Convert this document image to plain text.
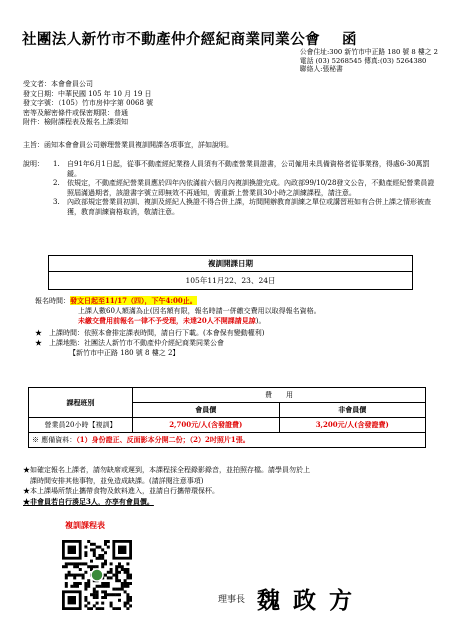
社團法人新竹市不動產仲介經紀商業同業公會 函
公會住址:300 新竹市中正路 180 號 8 樓之 2
電話 (03) 5268545 傳真:(03) 5264380
聯絡人:張秘書
受文者：本會會員公司
發文日期：中華民國 105 年 10 月 19 日
發文字號：（105）竹市房仲字第 0068 號
密等及解密條件或保密期限：普通
附件：檢附課程表及報名上課須知
主旨：函知本會會員公司辦理營業員複訓開課各項事宜，詳如說明。
說明：	1.	自91年6月1日起，從事不動產經紀業務人員須有不動產營業員證書，公司僱用未具備資格者從事業務，得處6-30萬罰鍰。
2.	依規定，不動產經紀營業員應於四年內依滿前六個月內複訓換證完成。內政部99/10/28發文公告，不動產經紀營業員證照屆滿過期者，該證書字號立即無效不再通知，需重新上營業員30小時之訓練課程，請注意。
3.	內政部規定營業員初訓、複訓及經紀人換證不得合併上課，坊間開辦教育訓練之單位或講習班如有合併上課之情形被查獲，教育訓練資格取消，敬請注意。
複訓開課日期
105年11月22、23、24日
報名時間：發文日起至11/17（四），下午4:00止。
上課人數60人額滿為止(因名額有限，報名時請一併繳交費用以取得報名資格。
未繳交費用前報名一律不予受理，未達20人不開課請見諒)。
★　上課時間：依照本會排定課表時間，請自行下載。(本會保有變動權利)
★　上課地點：社團法人新竹市不動產仲介經紀商業同業公會
【新竹市中正路 180 號 8 樓之 2】
課程班別	費　　用	
	會員價	非會員價
營業員20小時【複訓】	2,700元/人(含發證費)	3,200元/人(含發證費)
※ 應備資料：（1）身份證正、反面影本分開二份；（2）2吋照片1張。		
★如確定報名上課者，請勿缺席或遲到，本課程採全程錄影錄音，並拍照存檔。請學員勿於上
　課時間安排其他事物，並免造成缺課。(請詳閱注意事項)
★本上課場所禁止攜帶食物及飲料進入，並請自行攜帶環保杯。
★非會員若自行湊足3人，亦享有會員價。
複訓課程表
理事長 魏政方
